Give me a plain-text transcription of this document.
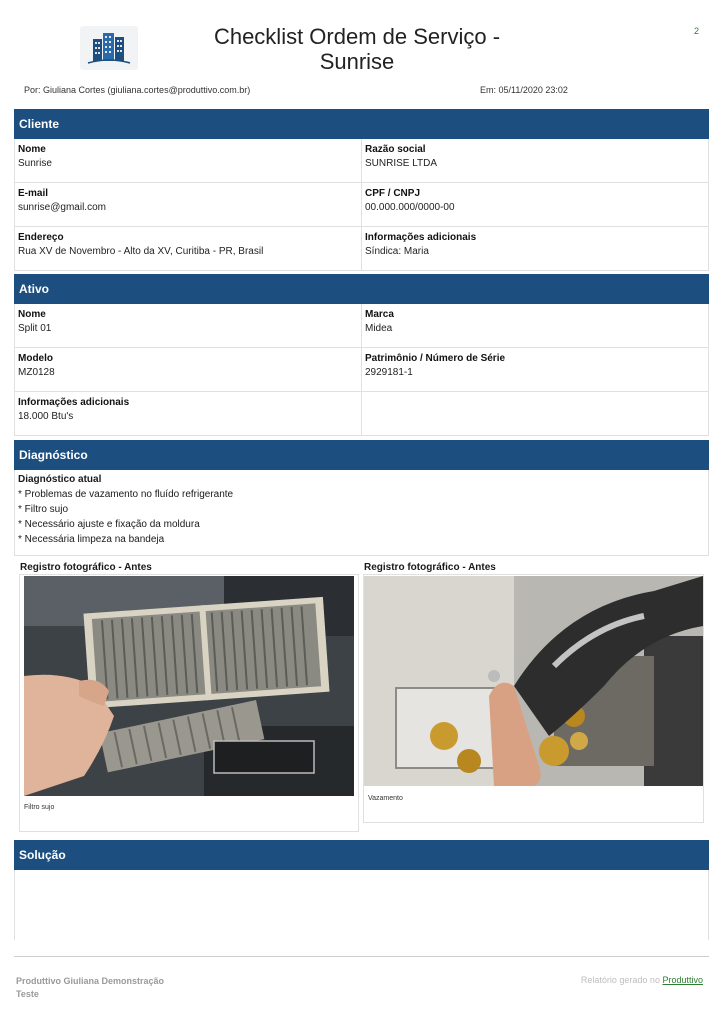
2
Checklist Ordem de Serviço - Sunrise
Por: Giuliana Cortes (giuliana.cortes@produttivo.com.br)	Em: 05/11/2020 23:02
Cliente
Nome
Sunrise
Razão social
SUNRISE LTDA
E-mail
sunrise@gmail.com
CPF / CNPJ
00.000.000/0000-00
Endereço
Rua XV de Novembro - Alto da XV, Curitiba - PR, Brasil
Informações adicionais
Síndica: Maria
Ativo
Nome
Split 01
Marca
Midea
Modelo
MZ0128
Patrimônio / Número de Série
2929181-1
Informações adicionais
18.000 Btu's
Diagnóstico
Diagnóstico atual
* Problemas de vazamento no fluído refrigerante
* Filtro sujo
* Necessário ajuste e fixação da moldura
* Necessária limpeza na bandeja
Registro fotográfico - Antes
Filtro sujo
Registro fotográfico - Antes
Vazamento
Solução
Produttivo Giuliana Demonstração Teste
Relatório gerado no Produttivo
